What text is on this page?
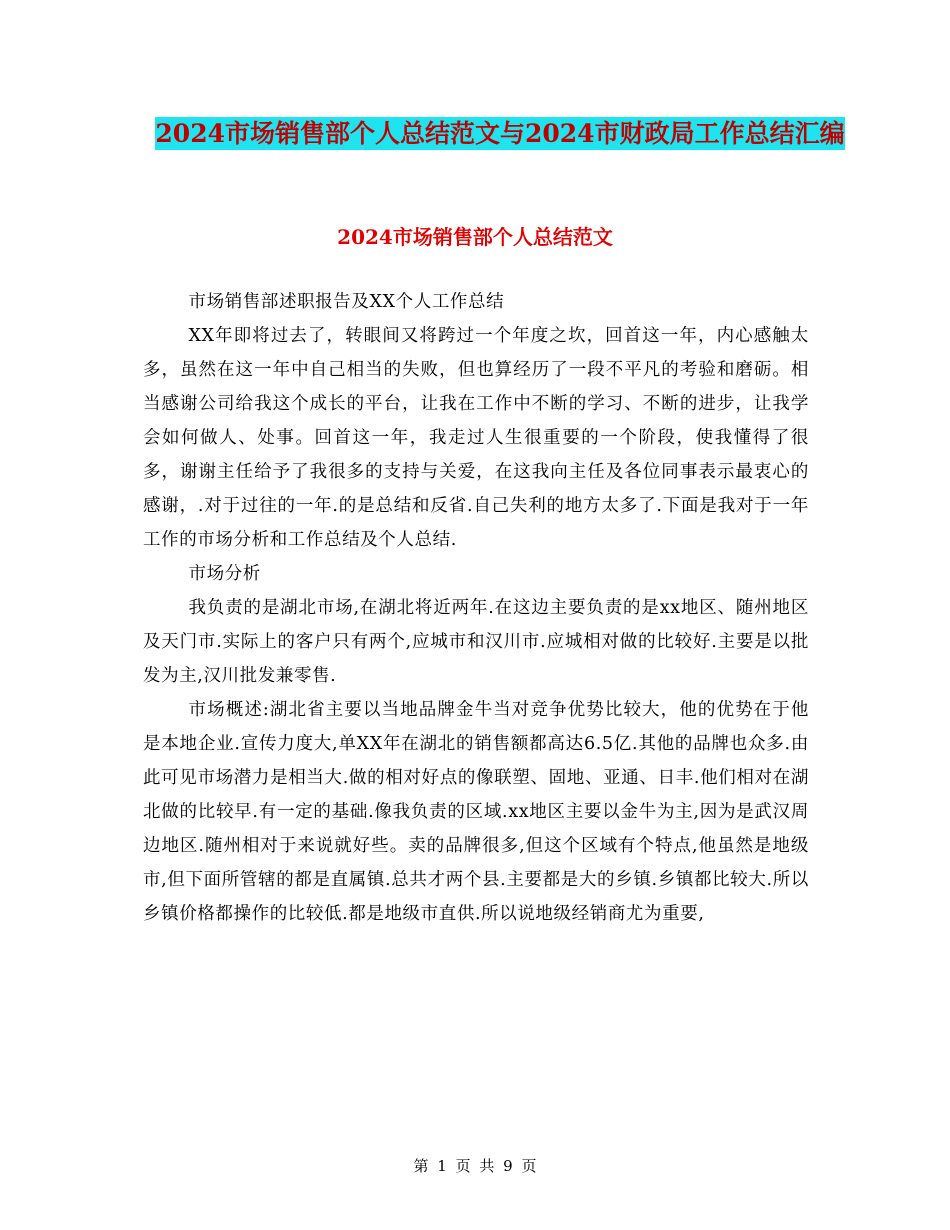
2024市场销售部个人总结范文与2024市财政局工作总结汇编
2024市场销售部个人总结范文

市场销售部述职报告及XX个人工作总结

XX年即将过去了，转眼间又将跨过一个年度之坎，回首这一年，内心感触太多，虽然在这一年中自己相当的失败，但也算经历了一段不平凡的考验和磨砺。相当感谢公司给我这个成长的平台，让我在工作中不断的学习、不断的进步，让我学会如何做人、处事。回首这一年，我走过人生很重要的一个阶段，使我懂得了很多，谢谢主任给予了我很多的支持与关爱，在这我向主任及各位同事表示最衷心的感谢，.对于过往的一年.的是总结和反省.自己失利的地方太多了.下面是我对于一年工作的市场分析和工作总结及个人总结.

市场分析

我负责的是湖北市场,在湖北将近两年.在这边主要负责的是xx地区、随州地区及天门市.实际上的客户只有两个,应城市和汉川市.应城相对做的比较好.主要是以批发为主,汉川批发兼零售.

市场概述:湖北省主要以当地品牌金牛当对竞争优势比较大，他的优势在于他是本地企业.宣传力度大,单XX年在湖北的销售额都高达6.5亿.其他的品牌也众多.由此可见市场潜力是相当大.做的相对好点的像联塑、固地、亚通、日丰.他们相对在湖北做的比较早.有一定的基础.像我负责的区域.xx地区主要以金牛为主,因为是武汉周边地区.随州相对于来说就好些。卖的品牌很多,但这个区域有个特点,他虽然是地级市,但下面所管辖的都是直属镇.总共才两个县.主要都是大的乡镇.乡镇都比较大.所以乡镇价格都操作的比较低.都是地级市直供.所以说地级经销商尤为重要,

第 1 页 共 9 页
